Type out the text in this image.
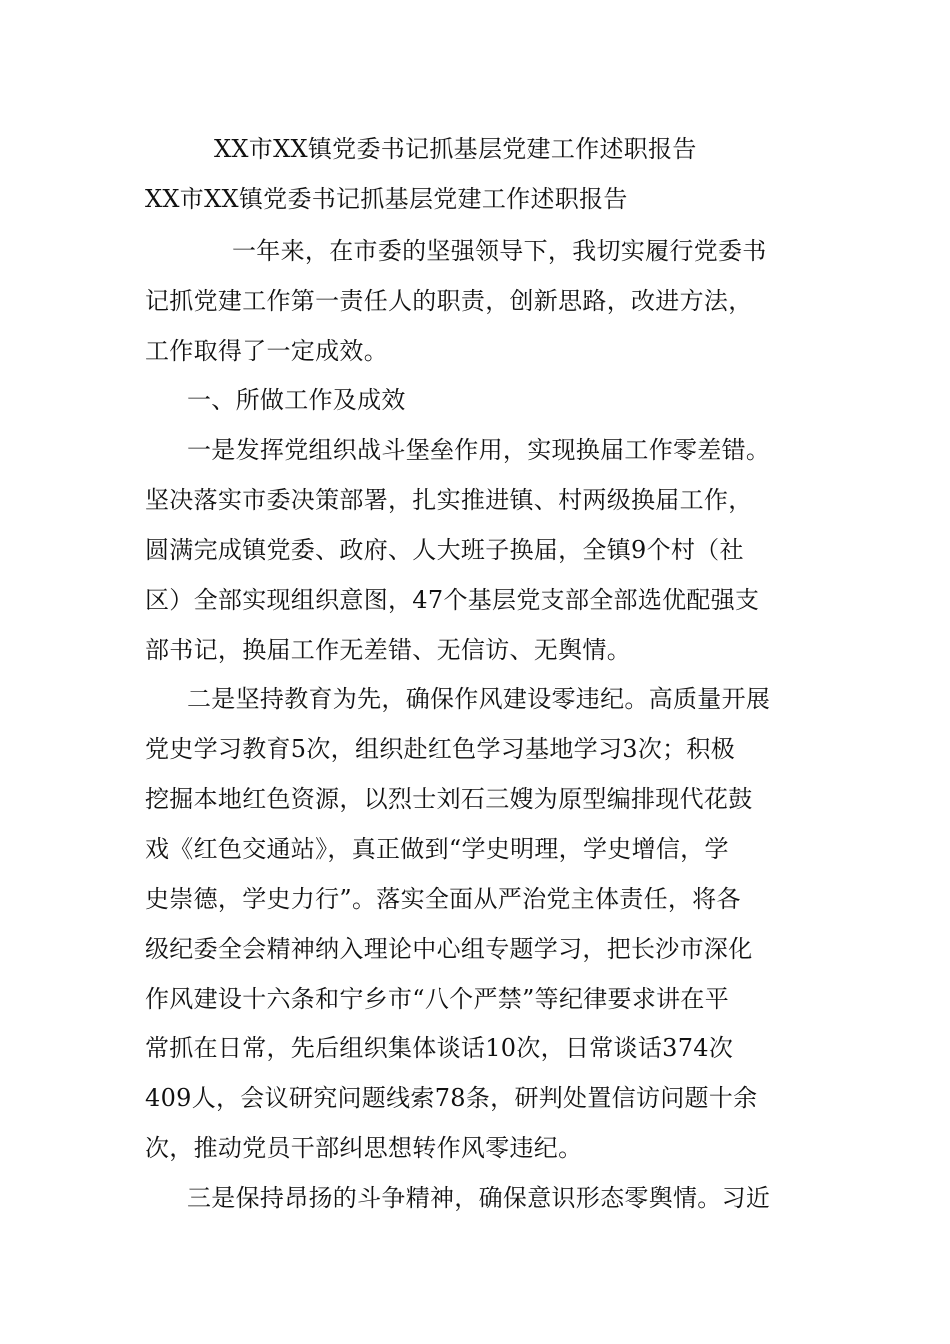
XX市XX镇党委书记抓基层党建工作述职报告
XX市XX镇党委书记抓基层党建工作述职报告
一年来，在市委的坚强领导下，我切实履行党委书
记抓党建工作第一责任人的职责，创新思路，改进方法，
工作取得了一定成效。
一、所做工作及成效
一是发挥党组织战斗堡垒作用，实现换届工作零差错。
坚决落实市委决策部署，扎实推进镇、村两级换届工作，
圆满完成镇党委、政府、人大班子换届，全镇9个村（社
区）全部实现组织意图，47个基层党支部全部选优配强支
部书记，换届工作无差错、无信访、无舆情。
二是坚持教育为先，确保作风建设零违纪。高质量开展
党史学习教育5次，组织赴红色学习基地学习3次；积极
挖掘本地红色资源，以烈士刘石三嫂为原型编排现代花鼓
戏《红色交通站》，真正做到“学史明理，学史增信，学
史崇德，学史力行”。落实全面从严治党主体责任，将各
级纪委全会精神纳入理论中心组专题学习，把长沙市深化
作风建设十六条和宁乡市“八个严禁”等纪律要求讲在平
常抓在日常，先后组织集体谈话10次，日常谈话374次
409人，会议研究问题线索78条，研判处置信访问题十余
次，推动党员干部纠思想转作风零违纪。
三是保持昂扬的斗争精神，确保意识形态零舆情。习近
